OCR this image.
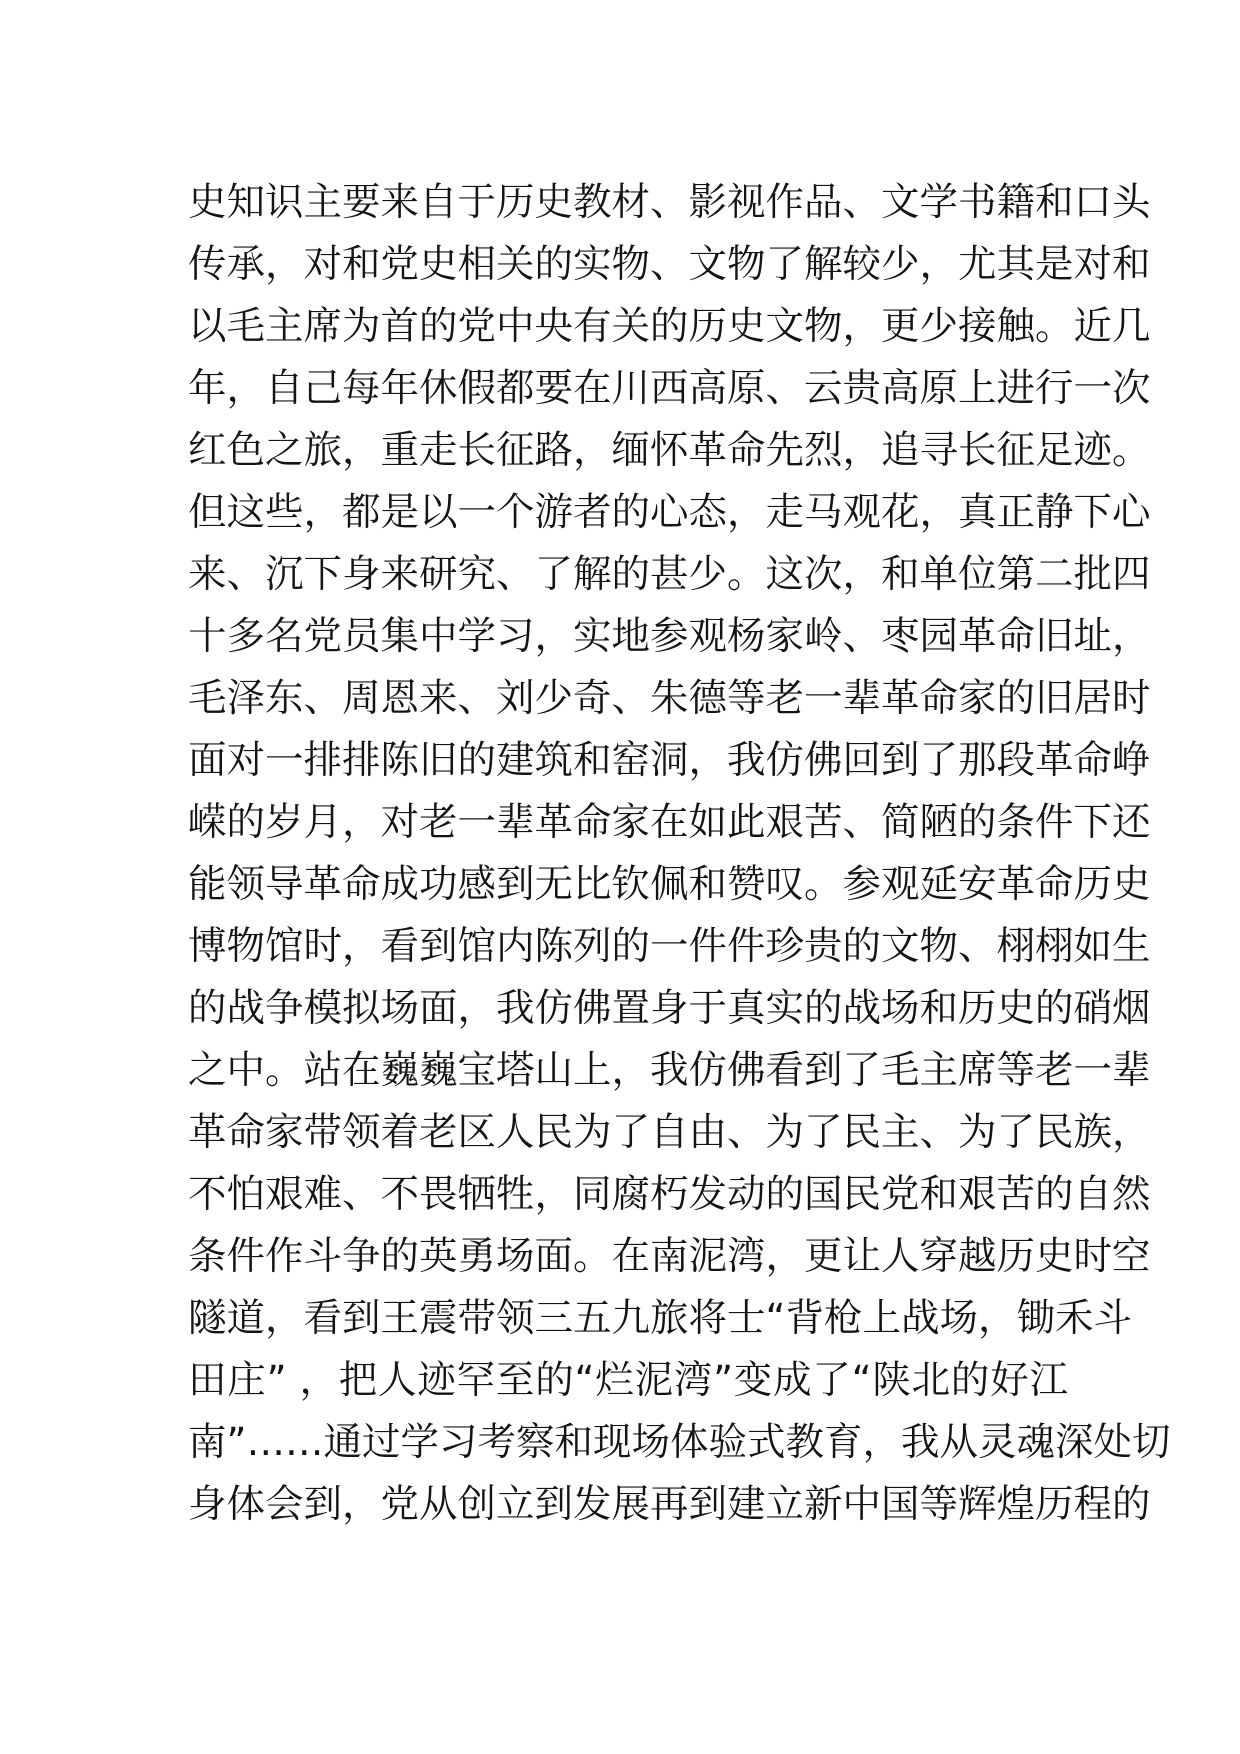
史知识主要来自于历史教材、影视作品、文学书籍和口头
传承，对和党史相关的实物、文物了解较少，尤其是对和
以毛主席为首的党中央有关的历史文物，更少接触。近几
年，自己每年休假都要在川西高原、云贵高原上进行一次
红色之旅，重走长征路，缅怀革命先烈，追寻长征足迹。
但这些，都是以一个游者的心态，走马观花，真正静下心
来、沉下身来研究、了解的甚少。这次，和单位第二批四
十多名党员集中学习，实地参观杨家岭、枣园革命旧址，
毛泽东、周恩来、刘少奇、朱德等老一辈革命家的旧居时
面对一排排陈旧的建筑和窑洞，我仿佛回到了那段革命峥
嵘的岁月，对老一辈革命家在如此艰苦、简陋的条件下还
能领导革命成功感到无比钦佩和赞叹。参观延安革命历史
博物馆时，看到馆内陈列的一件件珍贵的文物、栩栩如生
的战争模拟场面，我仿佛置身于真实的战场和历史的硝烟
之中。站在巍巍宝塔山上，我仿佛看到了毛主席等老一辈
革命家带领着老区人民为了自由、为了民主、为了民族，
不怕艰难、不畏牺牲，同腐朽发动的国民党和艰苦的自然
条件作斗争的英勇场面。在南泥湾，更让人穿越历史时空
隧道，看到王震带领三五九旅将士“背枪上战场，锄禾斗
田庄” ，把人迹罕至的“烂泥湾”变成了“陕北的好江
南”……通过学习考察和现场体验式教育，我从灵魂深处切
身体会到，党从创立到发展再到建立新中国等辉煌历程的
